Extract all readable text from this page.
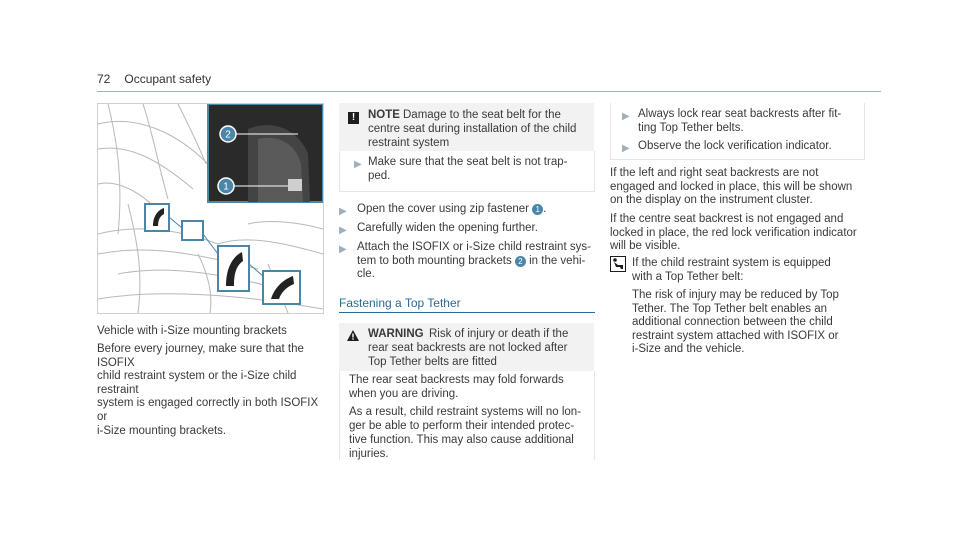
72 Occupant safety
2
1
Vehicle with i-Size mounting brackets
Before every journey, make sure that the ISOFIX
child restraint system or the i-Size child restraint
system is engaged correctly in both ISOFIX or
i-Size mounting brackets.
!	NOTE Damage to the seat belt for the
centre seat during installation of the child
restraint system
▶ Make sure that the seat belt is not trap-
ped.
▶ Open the cover using zip fastener 1 .
▶ Carefully widen the opening further.
▶ Attach the ISOFIX or i-Size child restraint sys-
tem to both mounting brackets 2 in the vehi-
cle.
Fastening a Top Tether
WARNING Risk of injury or death if the
rear seat backrests are not locked after
Top Tether belts are fitted
The rear seat backrests may fold forwards
when you are driving.
As a result, child restraint systems will no lon-
ger be able to perform their intended protec-
tive function. This may also cause additional
injuries.
▶ Always lock rear seat backrests after fit-
ting Top Tether belts.
▶ Observe the lock verification indicator.
If the left and right seat backrests are not
engaged and locked in place, this will be shown
on the display on the instrument cluster.
If the centre seat backrest is not engaged and
locked in place, the red lock verification indicator
will be visible.
If the child restraint system is equipped
with a Top Tether belt:
The risk of injury may be reduced by Top
Tether. The Top Tether belt enables an
additional connection between the child
restraint system attached with ISOFIX or
i-Size and the vehicle.
